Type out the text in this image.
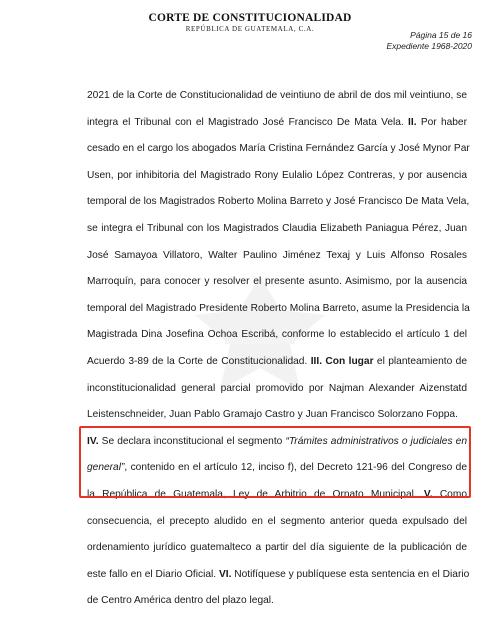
CORTE DE CONSTITUCIONALIDAD
REPÚBLICA DE GUATEMALA, C.A.
Página 15 de 16
Expediente 1968-2020
2021 de la Corte de Constitucionalidad de veintiuno de abril de dos mil veintiuno, se
integra el Tribunal con el Magistrado José Francisco De Mata Vela. II. Por haber
cesado en el cargo los abogados María Cristina Fernández García y José Mynor Par
Usen, por inhibitoria del Magistrado Rony Eulalio López Contreras, y por ausencia
temporal de los Magistrados Roberto Molina Barreto y José Francisco De Mata Vela,
se integra el Tribunal con los Magistrados Claudia Elizabeth Paniagua Pérez, Juan
José Samayoa Villatoro, Walter Paulino Jiménez Texaj y Luis Alfonso Rosales
Marroquín, para conocer y resolver el presente asunto. Asimismo, por la ausencia
temporal del Magistrado Presidente Roberto Molina Barreto, asume la Presidencia la
Magistrada Dina Josefina Ochoa Escribá, conforme lo establecido el artículo 1 del
Acuerdo 3-89 de la Corte de Constitucionalidad. III. Con lugar el planteamiento de
inconstitucionalidad general parcial promovido por Najman Alexander Aizenstatd
Leistenschneider, Juan Pablo Gramajo Castro y Juan Francisco Solorzano Foppa.
IV. Se declara inconstitucional el segmento “Trámites administrativos o judiciales en
general”, contenido en el artículo 12, inciso f), del Decreto 121-96 del Congreso de
la República de Guatemala, Ley de Arbitrio de Ornato Municipal. V. Como
consecuencia, el precepto aludido en el segmento anterior queda expulsado del
ordenamiento jurídico guatemalteco a partir del día siguiente de la publicación de
este fallo en el Diario Oficial. VI. Notifíquese y publíquese esta sentencia en el Diario
de Centro América dentro del plazo legal.
